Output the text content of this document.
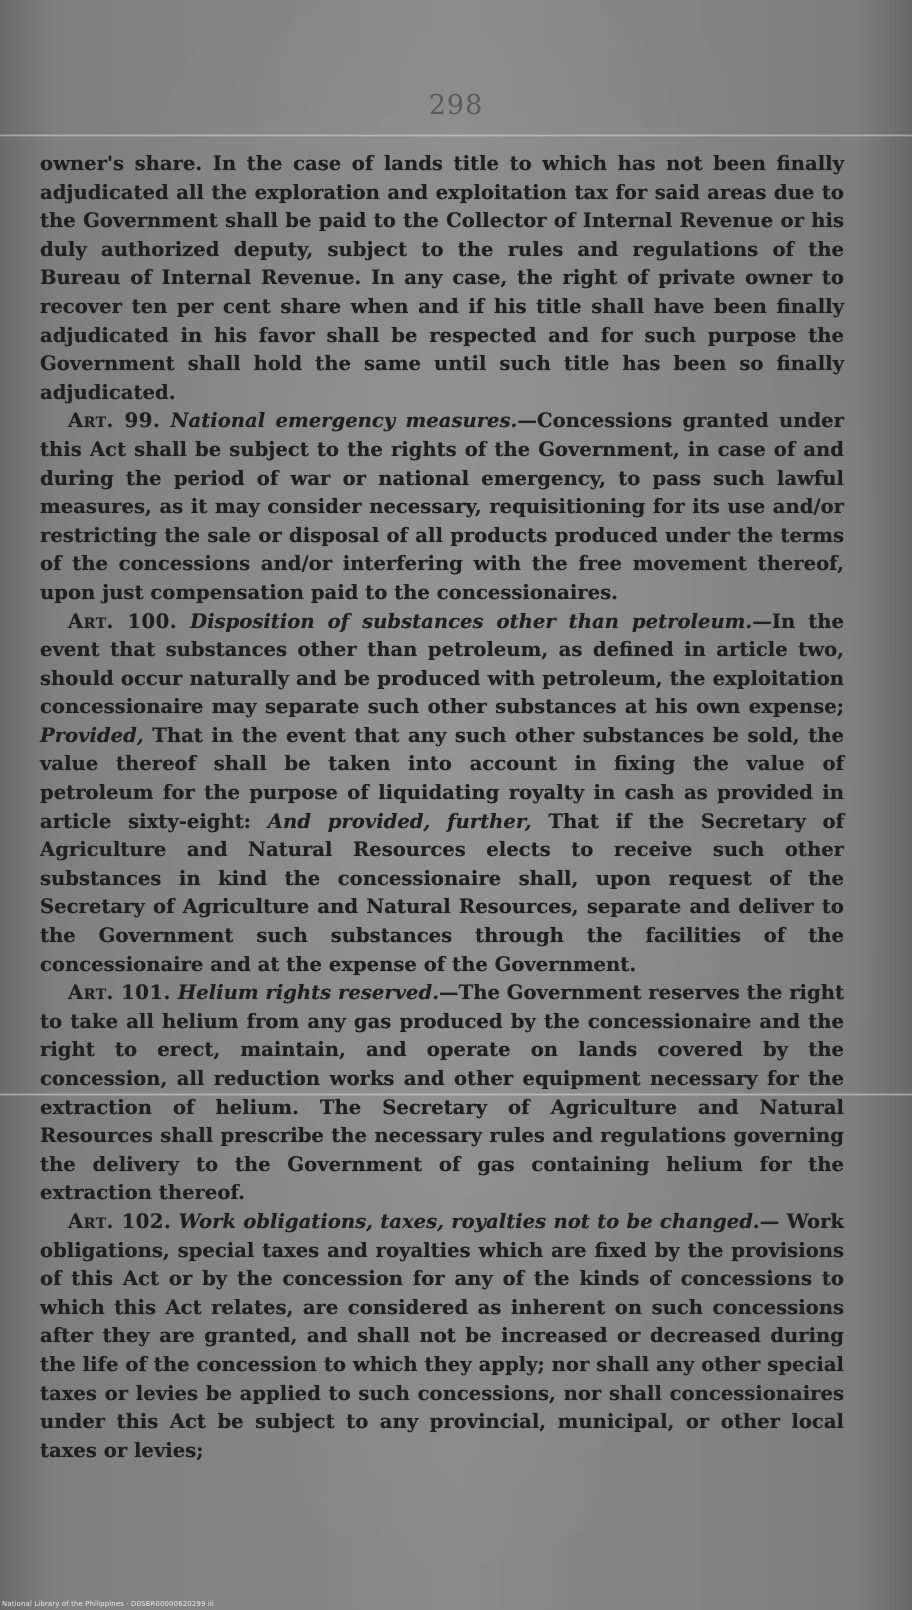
298

owner's share. In the case of lands title to which has not been finally adjudicated all the exploration and exploitation tax for said areas due to the Government shall be paid to the Collector of Internal Revenue or his duly authorized deputy, subject to the rules and regulations of the Bureau of Internal Revenue. In any case, the right of private owner to recover ten per cent share when and if his title shall have been finally adjudicated in his favor shall be respected and for such purpose the Government shall hold the same until such title has been so finally adjudicated.

Art. 99. National emergency measures.—Concessions granted under this Act shall be subject to the rights of the Government, in case of and during the period of war or national emergency, to pass such lawful measures, as it may consider necessary, requisitioning for its use and/or restricting the sale or disposal of all products produced under the terms of the concessions and/or interfering with the free movement thereof, upon just compensation paid to the concessionaires.

Art. 100. Disposition of substances other than petroleum.—In the event that substances other than petroleum, as defined in article two, should occur naturally and be produced with petroleum, the exploitation concessionaire may separate such other substances at his own expense; Provided, That in the event that any such other substances be sold, the value thereof shall be taken into account in fixing the value of petroleum for the purpose of liquidating royalty in cash as provided in article sixty-eight: And provided, further, That if the Secretary of Agriculture and Natural Resources elects to receive such other substances in kind the concessionaire shall, upon request of the Secretary of Agriculture and Natural Resources, separate and deliver to the Government such substances through the facilities of the concessionaire and at the expense of the Government.

Art. 101. Helium rights reserved.—The Government reserves the right to take all helium from any gas produced by the concessionaire and the right to erect, maintain, and operate on lands covered by the concession, all reduction works and other equipment necessary for the extraction of helium. The Secretary of Agriculture and Natural Resources shall prescribe the necessary rules and regulations governing the delivery to the Government of gas containing helium for the extraction thereof.

Art. 102. Work obligations, taxes, royalties not to be changed.— Work obligations, special taxes and royalties which are fixed by the provisions of this Act or by the concession for any of the kinds of concessions to which this Act relates, are considered as inherent on such concessions after they are granted, and shall not be increased or decreased during the life of the concession to which they apply; nor shall any other special taxes or levies be applied to such concessions, nor shall concessionaires under this Act be subject to any provincial, municipal, or other local taxes or levies;

National Library of the Philippines · D0SBR00000620299 iii
